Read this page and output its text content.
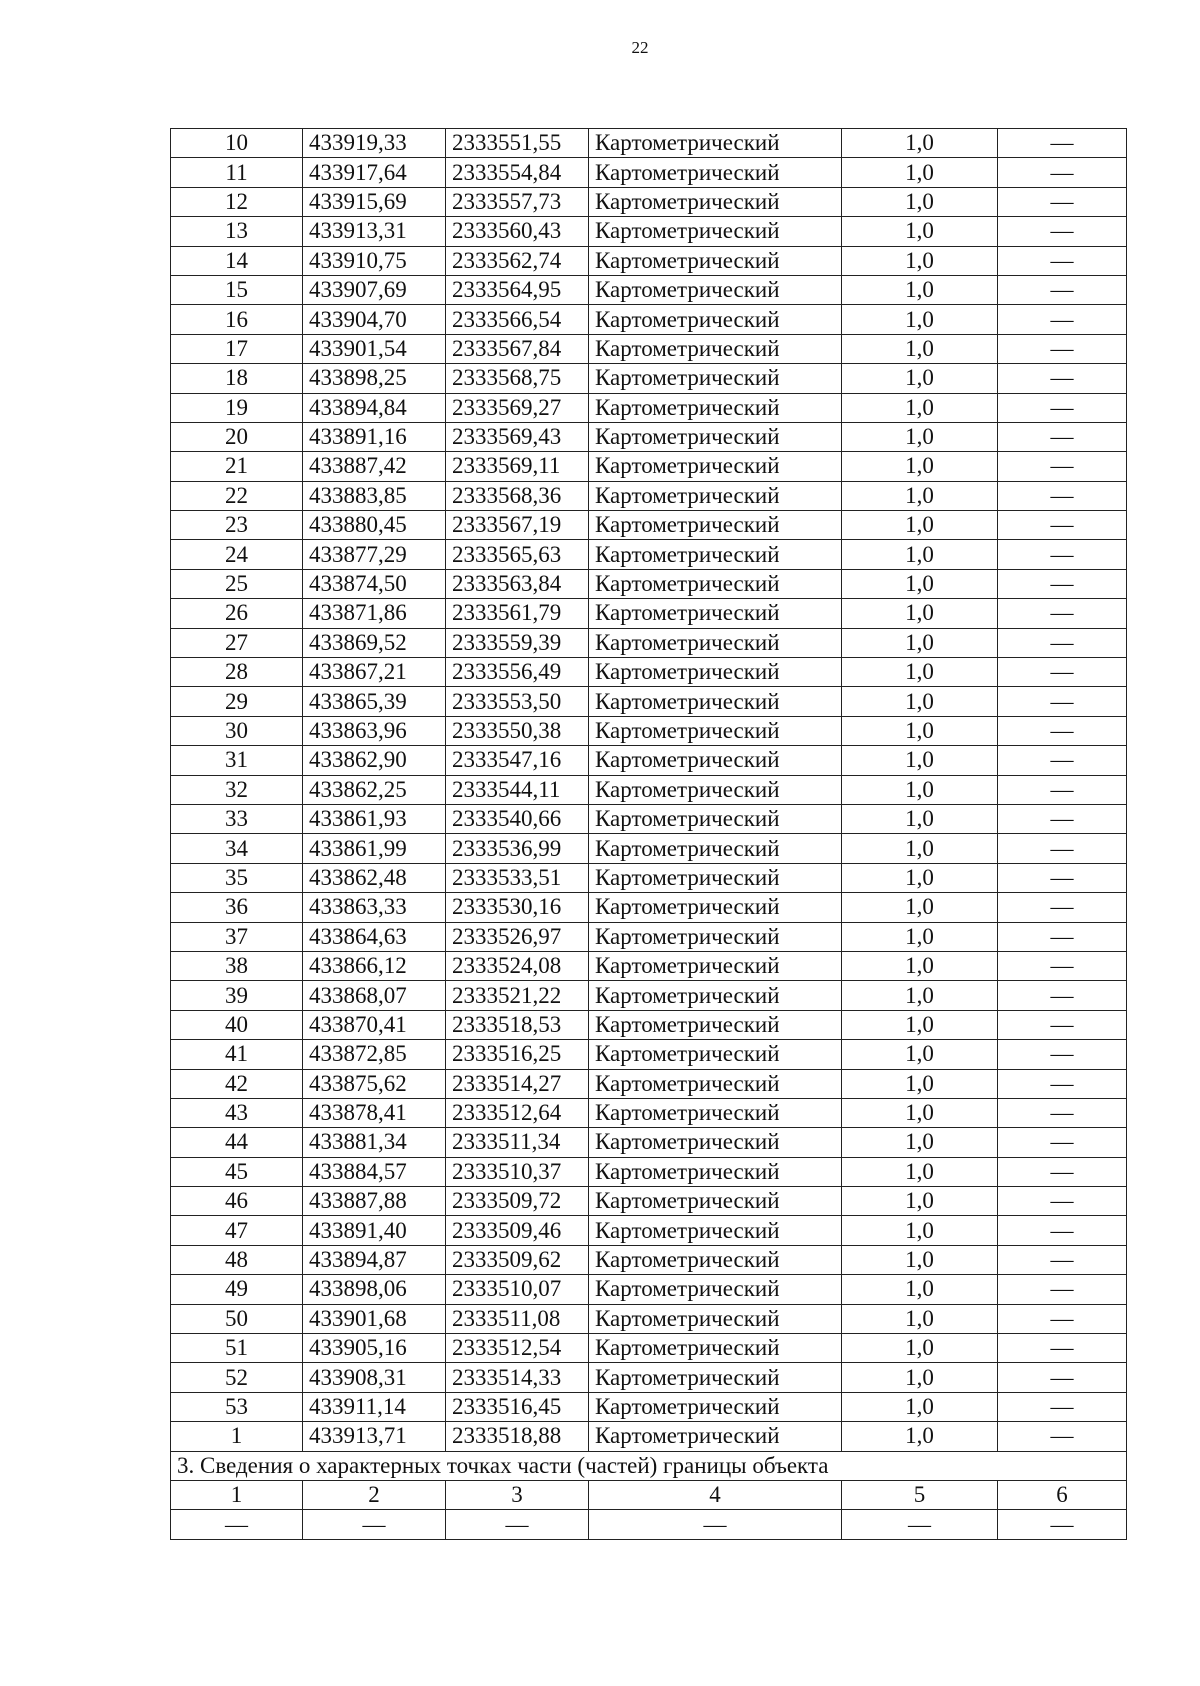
22
10	433919,33	2333551,55	Картометрический	1,0	—
11	433917,64	2333554,84	Картометрический	1,0	—
12	433915,69	2333557,73	Картометрический	1,0	—
13	433913,31	2333560,43	Картометрический	1,0	—
14	433910,75	2333562,74	Картометрический	1,0	—
15	433907,69	2333564,95	Картометрический	1,0	—
16	433904,70	2333566,54	Картометрический	1,0	—
17	433901,54	2333567,84	Картометрический	1,0	—
18	433898,25	2333568,75	Картометрический	1,0	—
19	433894,84	2333569,27	Картометрический	1,0	—
20	433891,16	2333569,43	Картометрический	1,0	—
21	433887,42	2333569,11	Картометрический	1,0	—
22	433883,85	2333568,36	Картометрический	1,0	—
23	433880,45	2333567,19	Картометрический	1,0	—
24	433877,29	2333565,63	Картометрический	1,0	—
25	433874,50	2333563,84	Картометрический	1,0	—
26	433871,86	2333561,79	Картометрический	1,0	—
27	433869,52	2333559,39	Картометрический	1,0	—
28	433867,21	2333556,49	Картометрический	1,0	—
29	433865,39	2333553,50	Картометрический	1,0	—
30	433863,96	2333550,38	Картометрический	1,0	—
31	433862,90	2333547,16	Картометрический	1,0	—
32	433862,25	2333544,11	Картометрический	1,0	—
33	433861,93	2333540,66	Картометрический	1,0	—
34	433861,99	2333536,99	Картометрический	1,0	—
35	433862,48	2333533,51	Картометрический	1,0	—
36	433863,33	2333530,16	Картометрический	1,0	—
37	433864,63	2333526,97	Картометрический	1,0	—
38	433866,12	2333524,08	Картометрический	1,0	—
39	433868,07	2333521,22	Картометрический	1,0	—
40	433870,41	2333518,53	Картометрический	1,0	—
41	433872,85	2333516,25	Картометрический	1,0	—
42	433875,62	2333514,27	Картометрический	1,0	—
43	433878,41	2333512,64	Картометрический	1,0	—
44	433881,34	2333511,34	Картометрический	1,0	—
45	433884,57	2333510,37	Картометрический	1,0	—
46	433887,88	2333509,72	Картометрический	1,0	—
47	433891,40	2333509,46	Картометрический	1,0	—
48	433894,87	2333509,62	Картометрический	1,0	—
49	433898,06	2333510,07	Картометрический	1,0	—
50	433901,68	2333511,08	Картометрический	1,0	—
51	433905,16	2333512,54	Картометрический	1,0	—
52	433908,31	2333514,33	Картометрический	1,0	—
53	433911,14	2333516,45	Картометрический	1,0	—
1	433913,71	2333518,88	Картометрический	1,0	—
3. Сведения о характерных точках части (частей) границы объекта					
1	2	3	4	5	6
—	—	—	—	—	—
